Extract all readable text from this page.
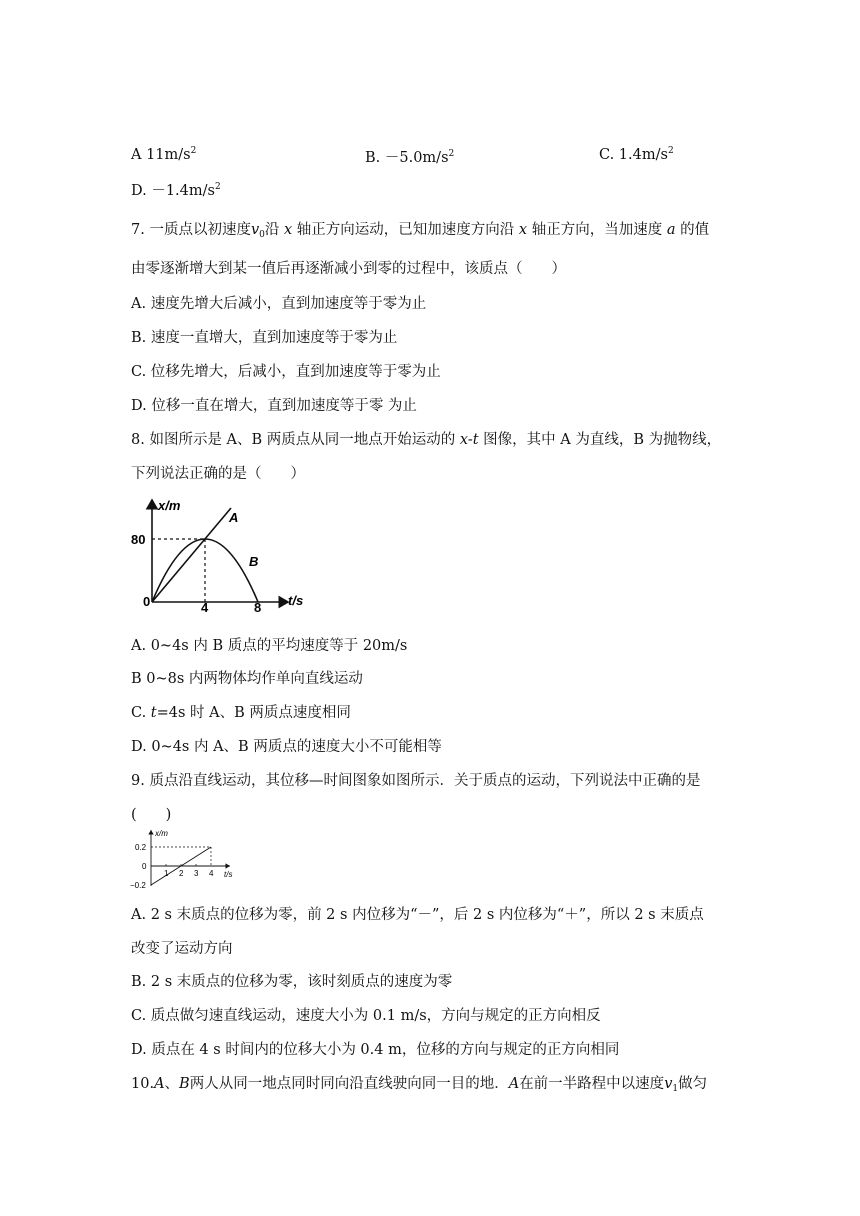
A $11m/s^2$	B. $-5.0m/s^2$	C. $1.4m/s^2$
D. $-1.4m/s^2$
7. 一质点以初速度$v_0$沿 x 轴正方向运动，已知加速度方向沿 x 轴正方向，当加速度 a 的值
由零逐渐增大到某一值后再逐渐减小到零的过程中，该质点（　　）
A. 速度先增大后减小，直到加速度等于零为止
B. 速度一直增大，直到加速度等于零为止
C. 位移先增大，后减小，直到加速度等于零为止
D. 位移一直在增大，直到加速度等于零 为止
8. 如图所示是 A、B 两质点从同一地点开始运动的 x-t 图像，其中 A 为直线，B 为抛物线，
下列说法正确的是（　　）
x/m
t/s
80
0	4	8
A
B
A. 0~4s 内 B 质点的平均速度等于 20m/s
B 0~8s 内两物体均作单向直线运动
C. t=4s 时 A、B 两质点速度相同
D. 0~4s 内 A、B 两质点的速度大小不可能相等
9. 质点沿直线运动，其位移—时间图象如图所示．关于质点的运动，下列说法中正确的是
(　　)
x/m
t/s
0.2
0
−0.2
1 2 3 4
A. 2 s 末质点的位移为零，前 2 s 内位移为“－”，后 2 s 内位移为“＋”，所以 2 s 末质点
改变了运动方向
B. 2 s 末质点的位移为零，该时刻质点的速度为零
C. 质点做匀速直线运动，速度大小为 0.1 m/s，方向与规定的正方向相反
D. 质点在 4 s 时间内的位移大小为 0.4 m，位移的方向与规定的正方向相同
10.A、B两人从同一地点同时同向沿直线驶向同一目的地．A在前一半路程中以速度$v_1$做匀
